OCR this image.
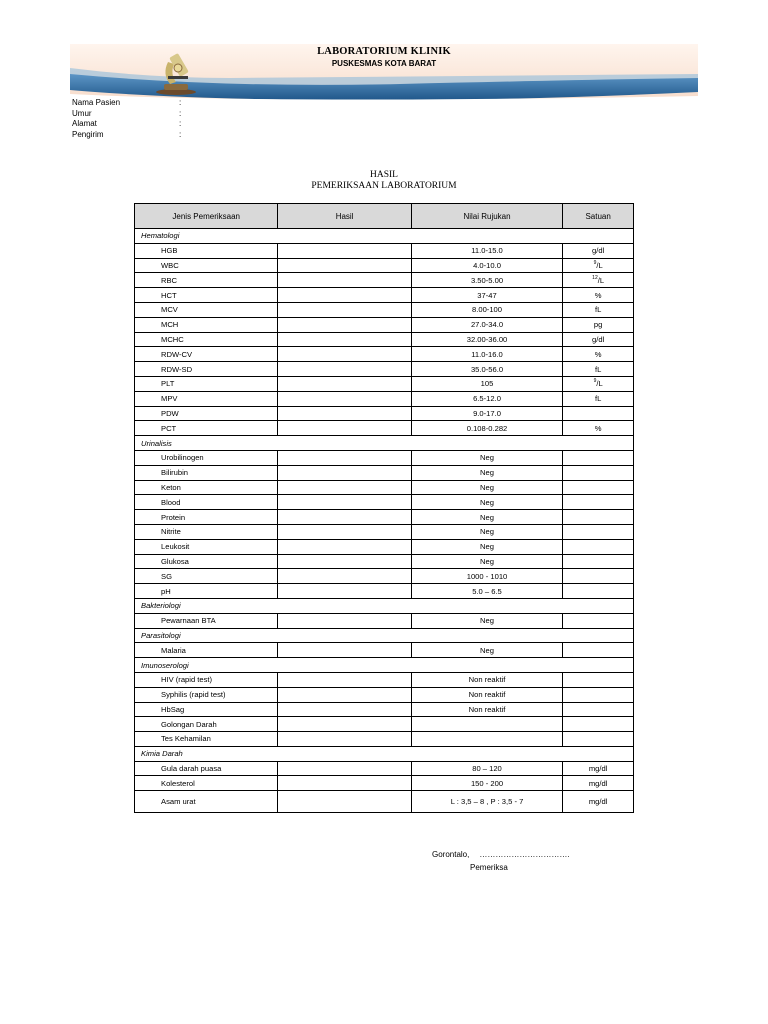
LABORATORIUM KLINIK
PUSKESMAS KOTA BARAT
Nama Pasien	:
Umur	:
Alamat	:
Pengirim	:
HASIL
PEMERIKSAAN LABORATORIUM
Jenis Pemeriksaan	Hasil	Nilai Rujukan	Satuan
Hematologi			
HGB		11.0-15.0	g/dl
WBC		4.0-10.0	$^9$/L
RBC		3.50-5.00	$^{12}$/L
HCT		37-47	%
MCV		8.00-100	fL
MCH		27.0-34.0	pg
MCHC		32.00-36.00	g/dl
RDW-CV		11.0-16.0	%
RDW-SD		35.0-56.0	fL
PLT		105	$^9$/L
MPV		6.5-12.0	fL
PDW		9.0-17.0	
PCT		0.108-0.282	%
Urinalisis			
Urobilinogen		Neg	
Bilirubin		Neg	
Keton		Neg	
Blood		Neg	
Protein		Neg	
Nitrite		Neg	
Leukosit		Neg	
Glukosa		Neg	
SG		1000 - 1010	
pH		5.0 – 6.5	
Bakteriologi			
Pewarnaan BTA		Neg	
Parasitologi			
Malaria		Neg	
Imunoserologi			
HIV (rapid test)		Non reaktif	
Syphilis (rapid test)		Non reaktif	
HbSag		Non reaktif	
Golongan Darah			
Tes Kehamilan			
Kimia Darah			
Gula darah puasa		80 – 120	mg/dl
Kolesterol		150 - 200	mg/dl
Asam urat		L : 3,5 – 8 , P : 3,5 - 7	mg/dl
Gorontalo, …………………………….
Pemeriksa
